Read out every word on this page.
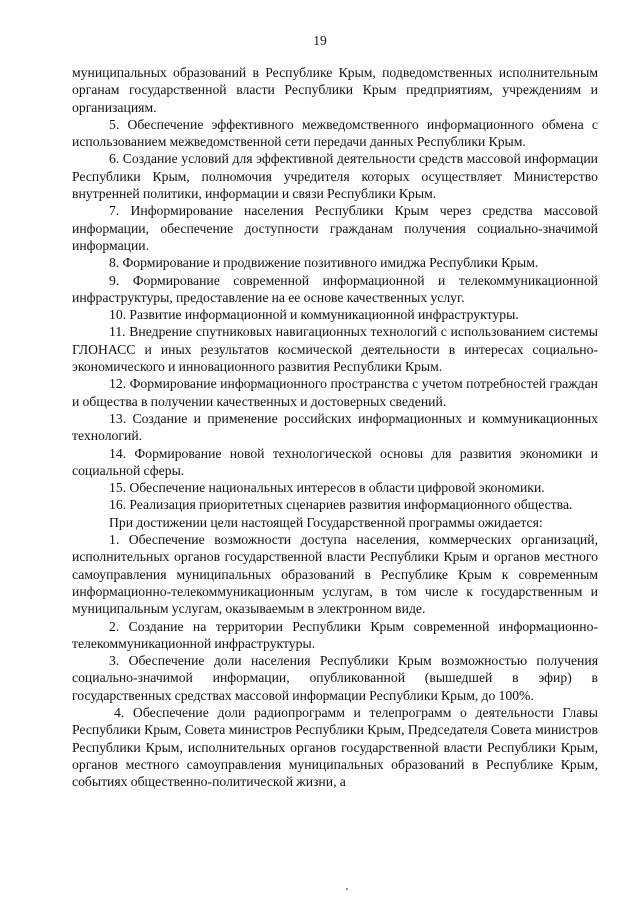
19

муниципальных образований в Республике Крым, подведомственных исполнительным органам государственной власти Республики Крым предприятиям, учреждениям и организациям.

5. Обеспечение эффективного межведомственного информационного обмена с использованием межведомственной сети передачи данных Республики Крым.

6. Создание условий для эффективной деятельности средств массовой информации Республики Крым, полномочия учредителя которых осуществляет Министерство внутренней политики, информации и связи Республики Крым.

7. Информирование населения Республики Крым через средства массовой информации, обеспечение доступности гражданам получения социально-значимой информации.

8. Формирование и продвижение позитивного имиджа Республики Крым.

9. Формирование современной информационной и телекоммуникационной инфраструктуры, предоставление на ее основе качественных услуг.

10. Развитие информационной и коммуникационной инфраструктуры.

11. Внедрение спутниковых навигационных технологий с использованием системы ГЛОНАСС и иных результатов космической деятельности в интересах социально-экономического и инновационного развития Республики Крым.

12. Формирование информационного пространства с учетом потребностей граждан и общества в получении качественных и достоверных сведений.

13. Создание и применение российских информационных и коммуникационных технологий.

14. Формирование новой технологической основы для развития экономики и социальной сферы.

15. Обеспечение национальных интересов в области цифровой экономики.

16. Реализация приоритетных сценариев развития информационного общества.

При достижении цели настоящей Государственной программы ожидается:

1. Обеспечение возможности доступа населения, коммерческих организаций, исполнительных органов государственной власти Республики Крым и органов местного самоуправления муниципальных образований в Республике Крым к современным информационно-телекоммуникационным услугам, в том числе к государственным и муниципальным услугам, оказываемым в электронном виде.

2. Создание на территории Республики Крым современной информационно-телекоммуникационной инфраструктуры.

3. Обеспечение доли населения Республики Крым возможностью получения социально-значимой информации, опубликованной (вышедшей в эфир) в государственных средствах массовой информации Республики Крым, до 100%.

4. Обеспечение доли радиопрограмм и телепрограмм о деятельности Главы Республики Крым, Совета министров Республики Крым, Председателя Совета министров Республики Крым, исполнительных органов государственной власти Республики Крым, органов местного самоуправления муниципальных образований в Республике Крым, событиях общественно-политической жизни, а
